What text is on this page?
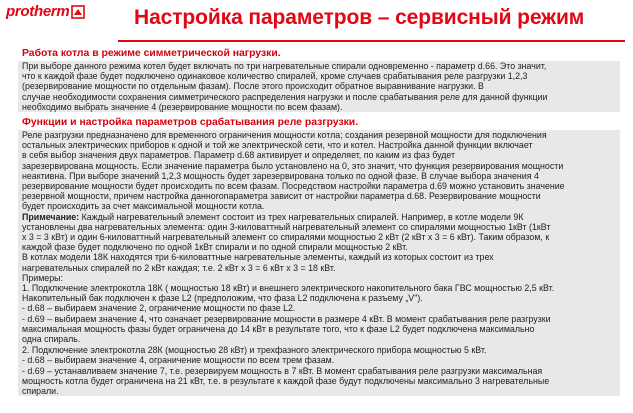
protherm	Настройка параметров – сервисный режим
Работа котла в режиме симметрической нагрузки.

При выборе данного режима котел будет включать по три нагревательные спирали одновременно - параметр d.66. Это значит,

что к каждой фазе будет подключено одинаковое количество спиралей, кроме случаев срабатывания реле разгрузки 1,2,3

(резервирование мощности по отдельным фазам). После этого происходит обратное выравнивание нагрузки. В

случае необходимости сохранения симметрического распределения нагрузки и после срабатывания реле для данной функции

необходимо выбрать значение 4 (резервирование мощности по всем фазам).

Функции и настройка параметров срабатывания реле разгрузки.

Реле разгрузки предназначено для временного ограничения мощности котла; создания резервной мощности для подключения

остальных электрических приборов к одной и той же электрической сети, что и котел. Настройка данной функции включает

в себя выбор значения двух параметров. Параметр d.68 активирует и определяет, по каким из фаз будет

зарезервирована мощность. Если значение параметра было установлено на 0, это значит, что функция резервирования мощности

неактивна. При выборе значений 1,2,3 мощность будет зарезервирована только по одной фазе. В случае выбора значения 4

резервирование мощности будет происходить по всем фазам. Посредством настройки параметра d.69 можно установить значение

резервной мощности, причем настройка данногопараметра зависит от настройки параметра d.68. Резервирование мощности

будет происходить за счет максимальной мощности котла.

Примечание: Каждый нагревательный элемент состоит из трех нагревательных спиралей. Например, в котле модели 9К

установлены два нагревательных элемента: один 3-киловаттный нагревательный элемент со спиралями мощностью 1кВт (1кВт

x 3 = 3 кВт) и один 6-киловаттный нагревательный элемент со спиралями мощностью 2 кВт (2 кВт x 3 = 6 кВт). Таким образом, к

каждой фазе будет подключено по одной 1кВт спирали и по одной спирали мощностью 2 кВт.

В котлах модели 18К находятся три 6-киловаттные нагревательные элементы, каждый из которых состоит из трех

нагревательных спиралей по 2 кВт каждая; т.е. 2 кВт x 3 = 6 кВт x 3 = 18 кВт.

Примеры:

1. Подключение электрокотла 18К ( мощностью 18 кВт) и внешнего электрического накопительного бака ГВС мощностью 2,5 кВт.

Накопительный бак подключен к фазе L2 (предположим, что фаза L2 подключена к разъему „V").

- d.68 – выбираем значение 2, ограничение мощности по фазе L2.

- d.69 – выбираем значение 4, что означает резервирование мощности в размере 4 кВт. В момент срабатывания реле разгрузки

максимальная мощность фазы будет ограничена до 14 кВт в результате того, что к фазе L2 будет подключена максимально

одна спираль.

2. Подключение электрокотла 28К (мощностью 28 кВт) и трехфазного электрического прибора мощностью 5 кВт.

- d.68 – выбираем значение 4, ограничение мощности по всем трем фазам.

- d.69 – устанавливаем значение 7, т.е. резервируем мощность в 7 кВт. В момент срабатывания реле разгрузки максимальная

мощность котла будет ограничена на 21 кВт, т.е. в результате к каждой фазе будут подключены максимально 3 нагревательные

спирали.
